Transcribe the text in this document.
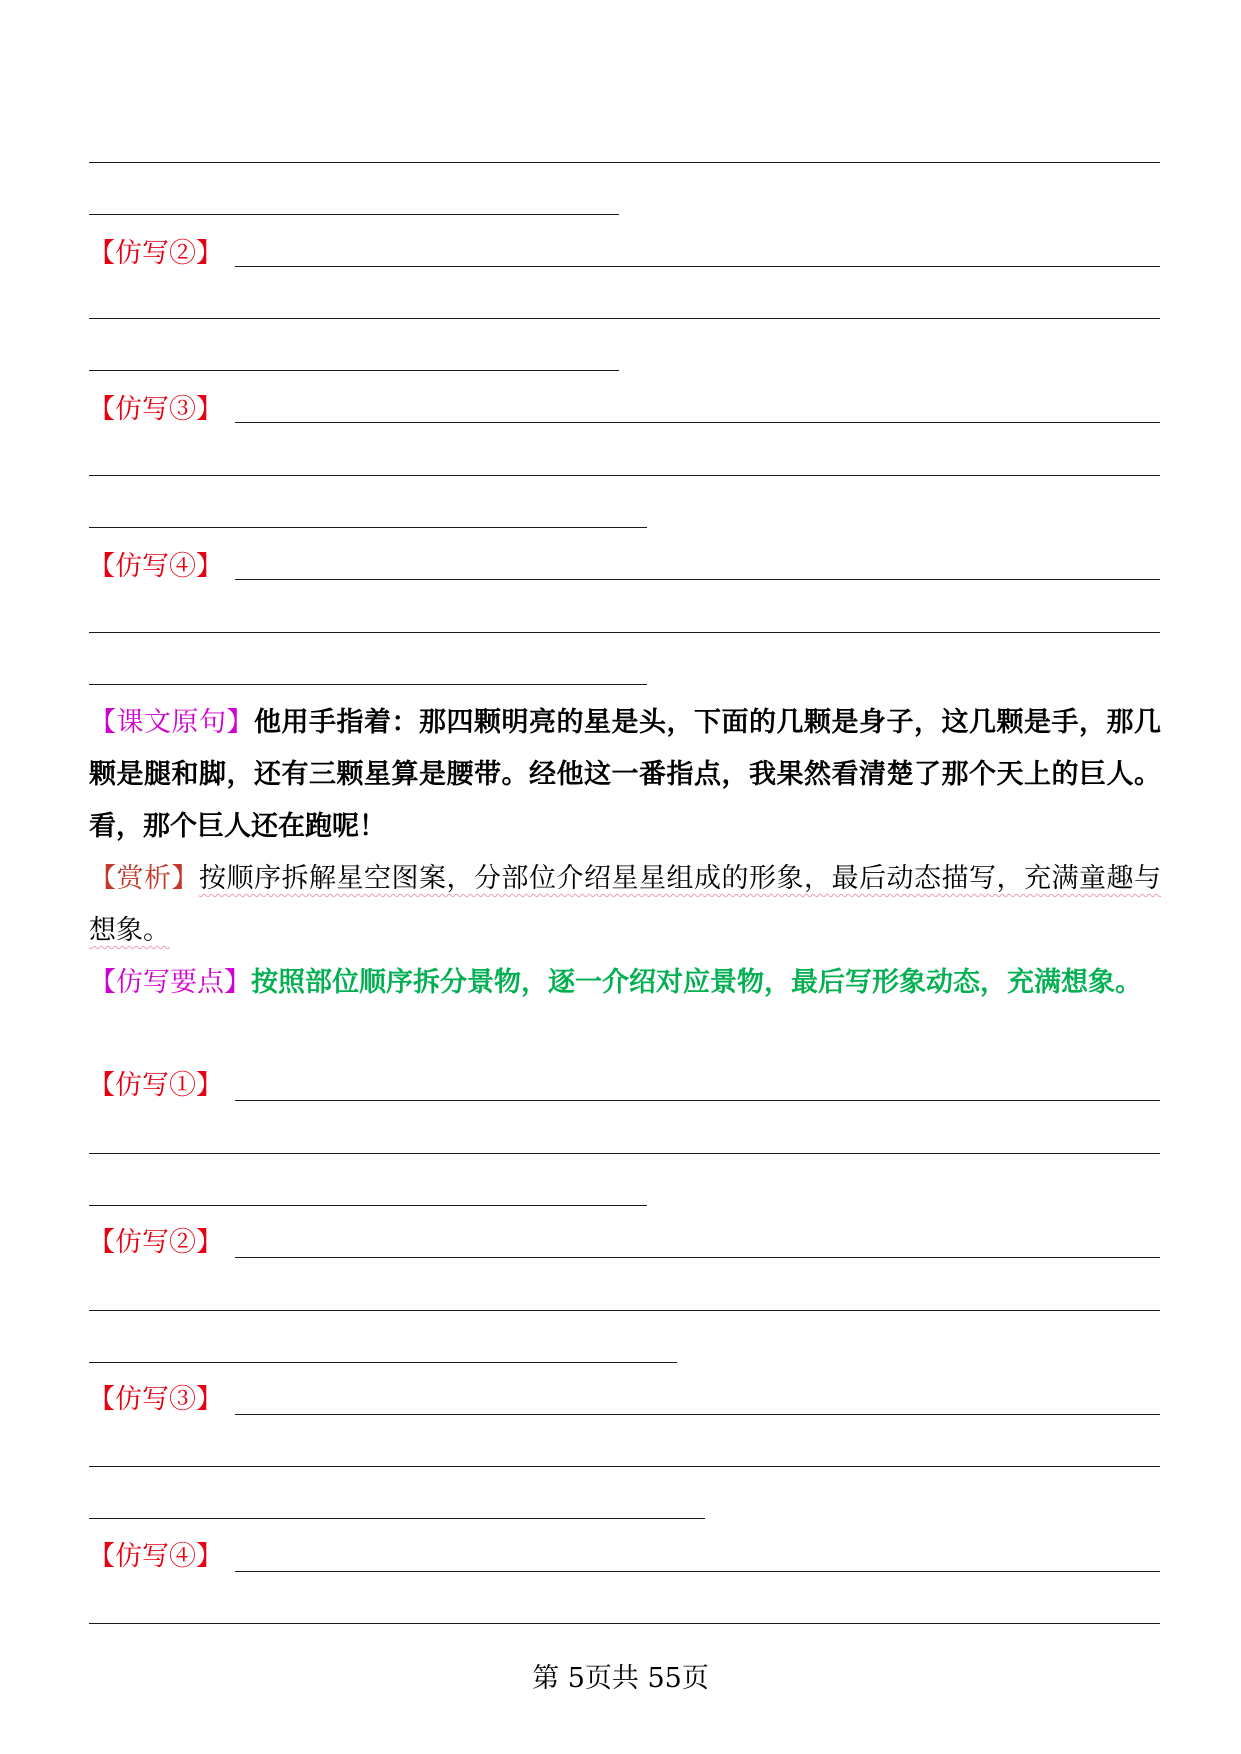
【仿写②】
【仿写③】
【仿写④】
【课文原句】他用手指着：那四颗明亮的星是头，下面的几颗是身子，这几颗是手，那几颗是腿和脚，还有三颗星算是腰带。经他这一番指点，我果然看清楚了那个天上的巨人。看，那个巨人还在跑呢！
【赏析】按顺序拆解星空图案，分部位介绍星星组成的形象，最后动态描写，充满童趣与想象。
【仿写要点】按照部位顺序拆分景物，逐一介绍对应景物，最后写形象动态，充满想象。
【仿写①】
【仿写②】
【仿写③】
【仿写④】
第 5页共 55页
